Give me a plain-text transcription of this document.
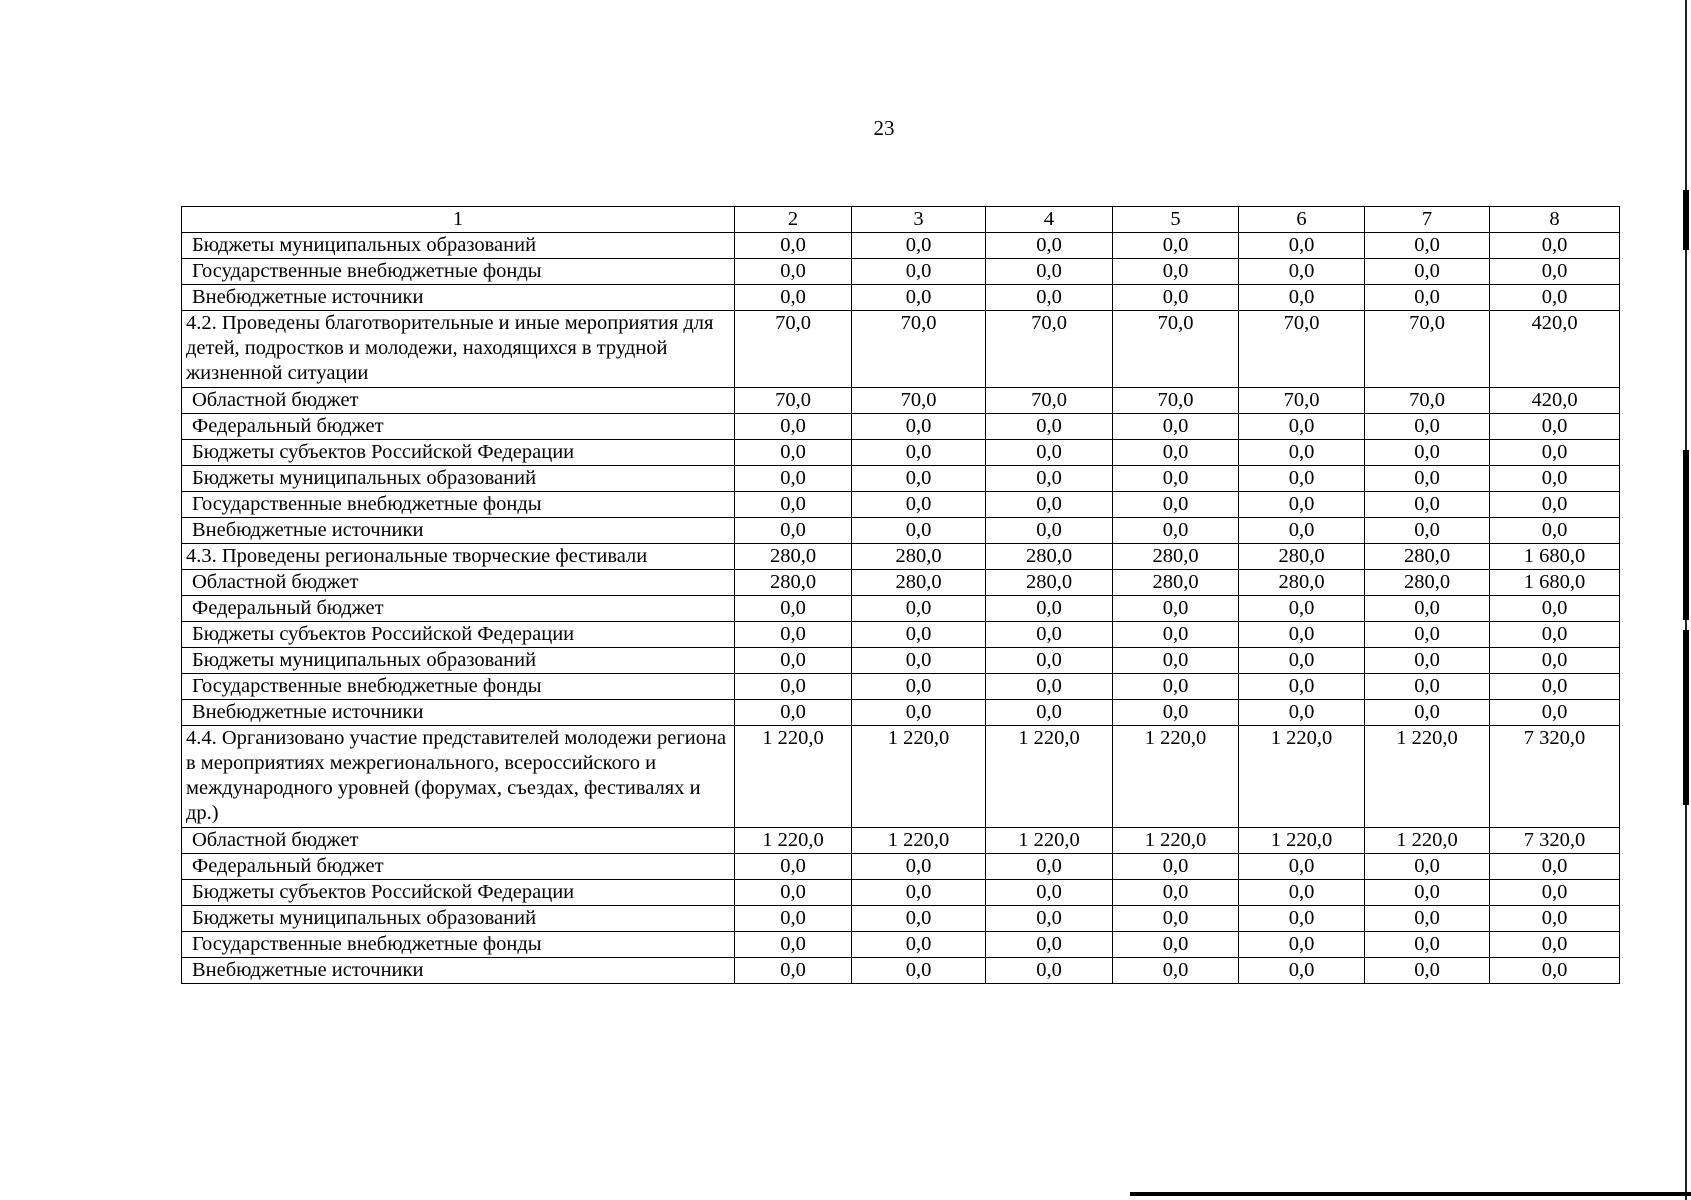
23
1	2	3	4	5	6	7	8
Бюджеты муниципальных образований	0,0	0,0	0,0	0,0	0,0	0,0	0,0
Государственные внебюджетные фонды	0,0	0,0	0,0	0,0	0,0	0,0	0,0
Внебюджетные источники	0,0	0,0	0,0	0,0	0,0	0,0	0,0
4.2. Проведены благотворительные и иные мероприятия для детей, подростков и молодежи, находящихся в трудной жизненной ситуации	70,0	70,0	70,0	70,0	70,0	70,0	420,0
Областной бюджет	70,0	70,0	70,0	70,0	70,0	70,0	420,0
Федеральный бюджет	0,0	0,0	0,0	0,0	0,0	0,0	0,0
Бюджеты субъектов Российской Федерации	0,0	0,0	0,0	0,0	0,0	0,0	0,0
Бюджеты муниципальных образований	0,0	0,0	0,0	0,0	0,0	0,0	0,0
Государственные внебюджетные фонды	0,0	0,0	0,0	0,0	0,0	0,0	0,0
Внебюджетные источники	0,0	0,0	0,0	0,0	0,0	0,0	0,0
4.3. Проведены региональные творческие фестивали	280,0	280,0	280,0	280,0	280,0	280,0	1 680,0
Областной бюджет	280,0	280,0	280,0	280,0	280,0	280,0	1 680,0
Федеральный бюджет	0,0	0,0	0,0	0,0	0,0	0,0	0,0
Бюджеты субъектов Российской Федерации	0,0	0,0	0,0	0,0	0,0	0,0	0,0
Бюджеты муниципальных образований	0,0	0,0	0,0	0,0	0,0	0,0	0,0
Государственные внебюджетные фонды	0,0	0,0	0,0	0,0	0,0	0,0	0,0
Внебюджетные источники	0,0	0,0	0,0	0,0	0,0	0,0	0,0
4.4. Организовано участие представителей молодежи региона в мероприятиях межрегионального, всероссийского и международного уровней (форумах, съездах, фестивалях и др.)	1 220,0	1 220,0	1 220,0	1 220,0	1 220,0	1 220,0	7 320,0
Областной бюджет	1 220,0	1 220,0	1 220,0	1 220,0	1 220,0	1 220,0	7 320,0
Федеральный бюджет	0,0	0,0	0,0	0,0	0,0	0,0	0,0
Бюджеты субъектов Российской Федерации	0,0	0,0	0,0	0,0	0,0	0,0	0,0
Бюджеты муниципальных образований	0,0	0,0	0,0	0,0	0,0	0,0	0,0
Государственные внебюджетные фонды	0,0	0,0	0,0	0,0	0,0	0,0	0,0
Внебюджетные источники	0,0	0,0	0,0	0,0	0,0	0,0	0,0
